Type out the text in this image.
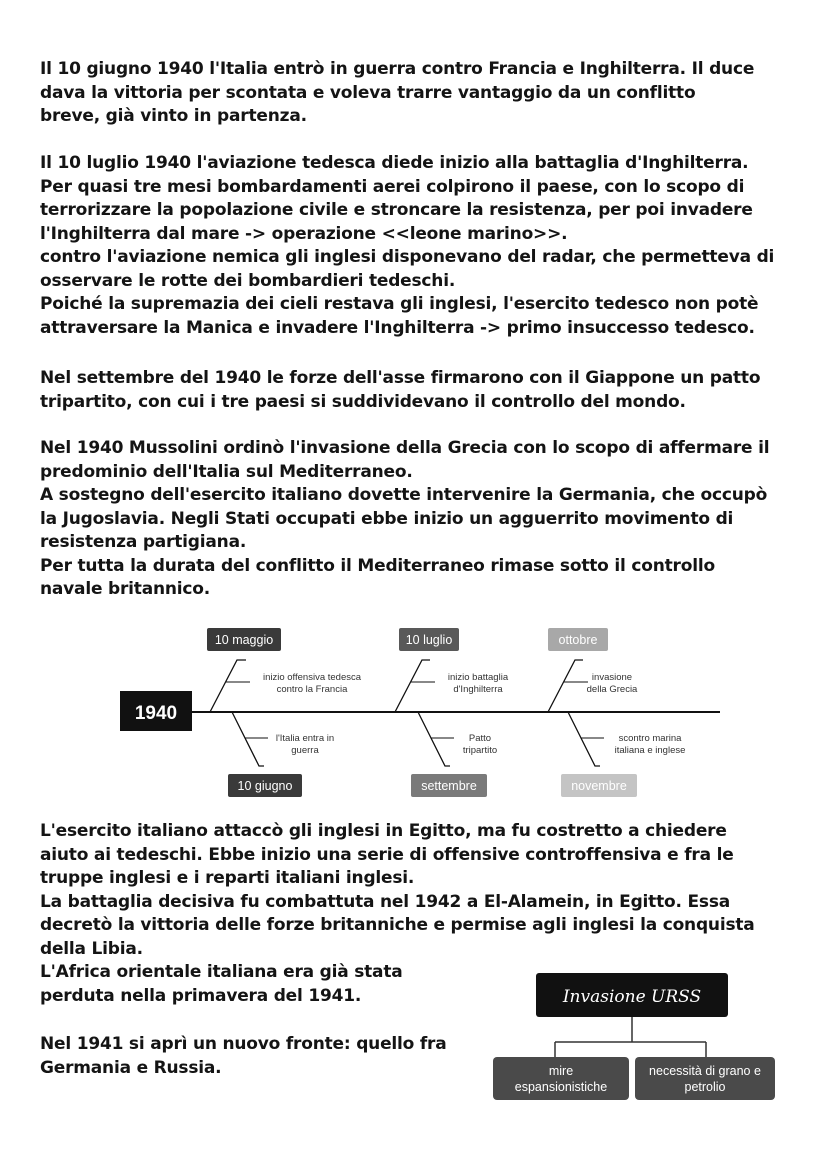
Il 10 giugno 1940 l'Italia entrò in guerra contro Francia e Inghilterra. Il duce
dava la vittoria per scontata e voleva trarre vantaggio da un conflitto
breve, già vinto in partenza.

Il 10 luglio 1940 l'aviazione tedesca diede inizio alla battaglia d'Inghilterra.
Per quasi tre mesi bombardamenti aerei colpirono il paese, con lo scopo di
terrorizzare la popolazione civile e stroncare la resistenza, per poi invadere
l'Inghilterra dal mare -> operazione <<leone marino>>.
contro l'aviazione nemica gli inglesi disponevano del radar, che permetteva di
osservare le rotte dei bombardieri tedeschi.
Poiché la supremazia dei cieli restava gli inglesi, l'esercito tedesco non potè
attraversare la Manica e invadere l'Inghilterra -> primo insuccesso tedesco.

Nel settembre del 1940 le forze dell'asse firmarono con il Giappone un patto
tripartito, con cui i tre paesi si suddividevano il controllo del mondo.

Nel 1940 Mussolini ordinò l'invasione della Grecia con lo scopo di affermare il
predominio dell'Italia sul Mediterraneo.
A sostegno dell'esercito italiano dovette intervenire la Germania, che occupò
la Jugoslavia. Negli Stati occupati ebbe inizio un agguerrito movimento di
resistenza partigiana.
Per tutta la durata del conflitto il Mediterraneo rimase sotto il controllo
navale britannico.

1940
10 maggio
inizio offensiva tedesca
contro la Francia
10 luglio
inizio battaglia
d'Inghilterra
ottobre
invasione
della Grecia
10 giugno
l'Italia entra in
guerra
settembre
Patto
tripartito
novembre
scontro marina
italiana e inglese

L'esercito italiano attaccò gli inglesi in Egitto, ma fu costretto a chiedere
aiuto ai tedeschi. Ebbe inizio una serie di offensive controffensiva e fra le
truppe inglesi e i reparti italiani inglesi.
La battaglia decisiva fu combattuta nel 1942 a El-Alamein, in Egitto. Essa
decretò la vittoria delle forze britanniche e permise agli inglesi la conquista
della Libia.

L'Africa orientale italiana era già stata
perduta nella primavera del 1941.

Nel 1941 si aprì un nuovo fronte: quello fra
Germania e Russia.

Invasione URSS
mire
espansionistiche
necessità di grano e
petrolio
